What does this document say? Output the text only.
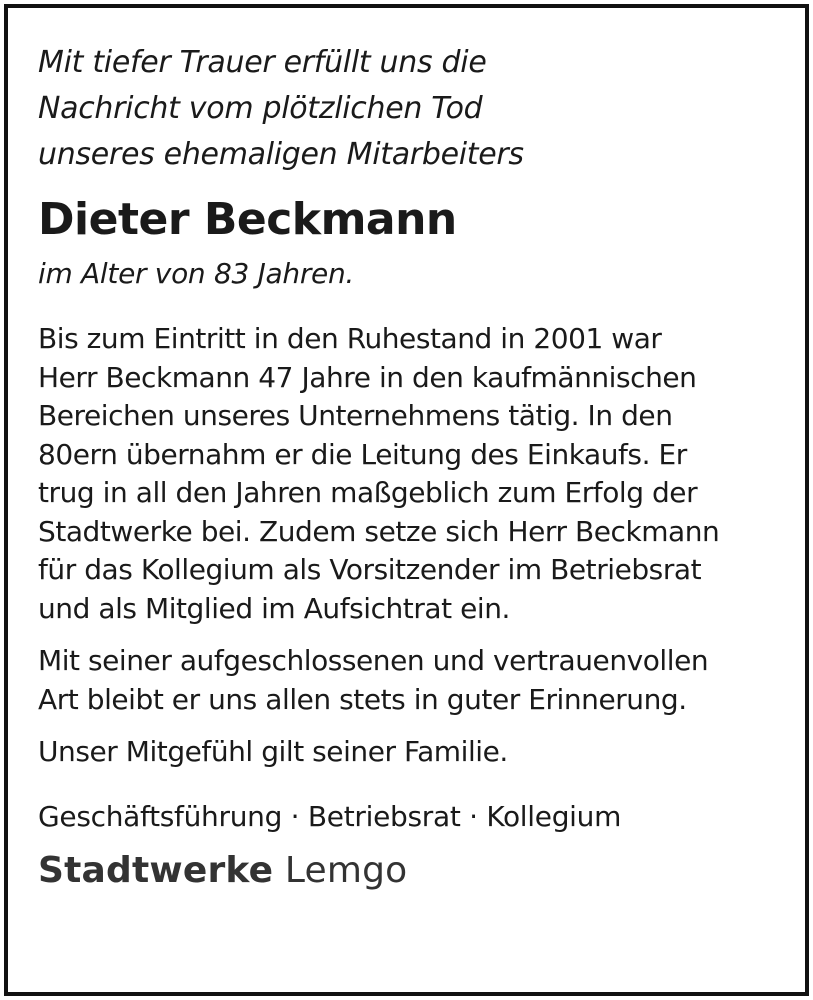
Mit tiefer Trauer erfüllt uns die
Nachricht vom plötzlichen Tod
unseres ehemaligen Mitarbeiters

Dieter Beckmann

im Alter von 83 Jahren.

Bis zum Eintritt in den Ruhestand in 2001 war
Herr Beckmann 47 Jahre in den kaufmännischen
Bereichen unseres Unternehmens tätig. In den
80ern übernahm er die Leitung des Einkaufs. Er
trug in all den Jahren maßgeblich zum Erfolg der
Stadtwerke bei. Zudem setze sich Herr Beckmann
für das Kollegium als Vorsitzender im Betriebsrat
und als Mitglied im Aufsichtrat ein.

Mit seiner aufgeschlossenen und vertrauenvollen
Art bleibt er uns allen stets in guter Erinnerung.

Unser Mitgefühl gilt seiner Familie.

Geschäftsführung · Betriebsrat · Kollegium

Stadtwerke Lemgo
